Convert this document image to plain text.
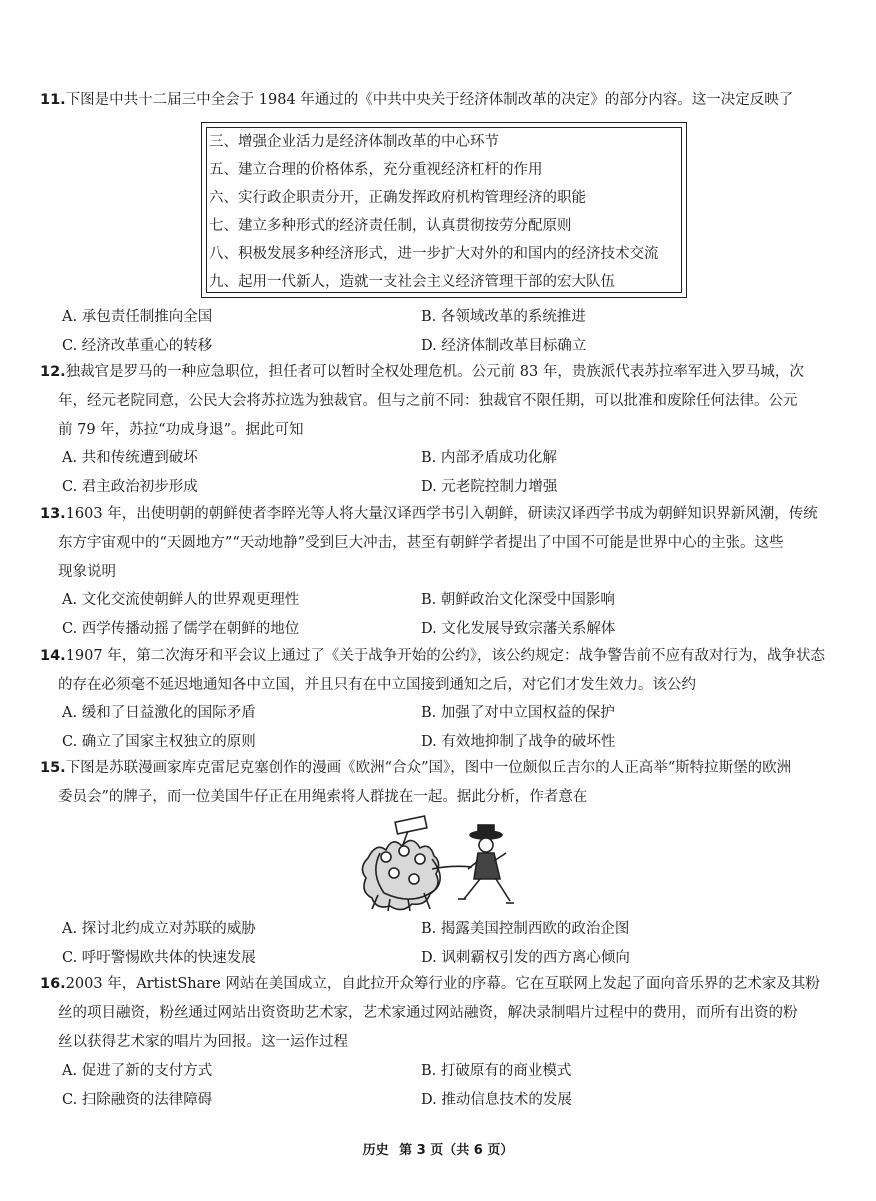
11.下图是中共十二届三中全会于 1984 年通过的《中共中央关于经济体制改革的决定》的部分内容。这一决定反映了
三、增强企业活力是经济体制改革的中心环节
五、建立合理的价格体系，充分重视经济杠杆的作用
六、实行政企职责分开，正确发挥政府机构管理经济的职能
七、建立多种形式的经济责任制，认真贯彻按劳分配原则
八、积极发展多种经济形式，进一步扩大对外的和国内的经济技术交流
九、起用一代新人，造就一支社会主义经济管理干部的宏大队伍
A. 承包责任制推向全国	B. 各领域改革的系统推进
C. 经济改革重心的转移	D. 经济体制改革目标确立
12.独裁官是罗马的一种应急职位，担任者可以暂时全权处理危机。公元前 83 年，贵族派代表苏拉率军进入罗马城，次
年，经元老院同意，公民大会将苏拉选为独裁官。但与之前不同：独裁官不限任期，可以批准和废除任何法律。公元
前 79 年，苏拉“功成身退”。据此可知
A. 共和传统遭到破坏	B. 内部矛盾成功化解
C. 君主政治初步形成	D. 元老院控制力增强
13.1603 年，出使明朝的朝鲜使者李睟光等人将大量汉译西学书引入朝鲜，研读汉译西学书成为朝鲜知识界新风潮，传统
东方宇宙观中的“天圆地方”“天动地静”受到巨大冲击，甚至有朝鲜学者提出了中国不可能是世界中心的主张。这些
现象说明
A. 文化交流使朝鲜人的世界观更理性	B. 朝鲜政治文化深受中国影响
C. 西学传播动摇了儒学在朝鲜的地位	D. 文化发展导致宗藩关系解体
14.1907 年，第二次海牙和平会议上通过了《关于战争开始的公约》，该公约规定：战争警告前不应有敌对行为，战争状态
的存在必须毫不延迟地通知各中立国，并且只有在中立国接到通知之后，对它们才发生效力。该公约
A. 缓和了日益激化的国际矛盾	B. 加强了对中立国权益的保护
C. 确立了国家主权独立的原则	D. 有效地抑制了战争的破坏性
15.下图是苏联漫画家库克雷尼克塞创作的漫画《欧洲“合众”国》，图中一位颇似丘吉尔的人正高举“斯特拉斯堡的欧洲
委员会”的牌子，而一位美国牛仔正在用绳索将人群拢在一起。据此分析，作者意在
A. 探讨北约成立对苏联的威胁	B. 揭露美国控制西欧的政治企图
C. 呼吁警惕欧共体的快速发展	D. 讽刺霸权引发的西方离心倾向
16.2003 年，ArtistShare 网站在美国成立，自此拉开众筹行业的序幕。它在互联网上发起了面向音乐界的艺术家及其粉
丝的项目融资，粉丝通过网站出资资助艺术家，艺术家通过网站融资，解决录制唱片过程中的费用，而所有出资的粉
丝以获得艺术家的唱片为回报。这一运作过程
A. 促进了新的支付方式	B. 打破原有的商业模式
C. 扫除融资的法律障碍	D. 推动信息技术的发展
历史 第 3 页（共 6 页）
